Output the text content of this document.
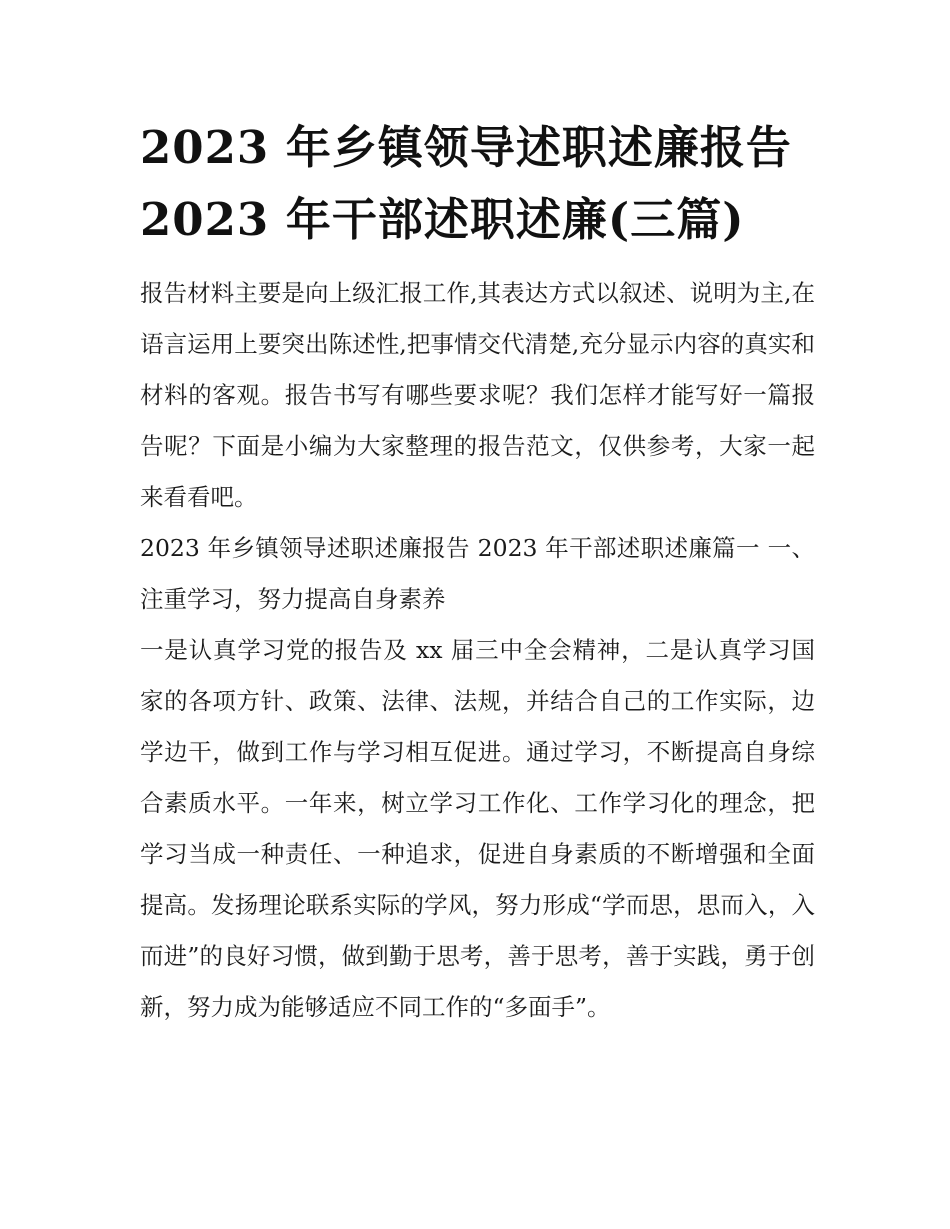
2023 年乡镇领导述职述廉报告
2023 年干部述职述廉(三篇)

报告材料主要是向上级汇报工作,其表达方式以叙述、说明为主,在语言运用上要突出陈述性,把事情交代清楚,充分显示内容的真实和材料的客观。报告书写有哪些要求呢？我们怎样才能写好一篇报告呢？下面是小编为大家整理的报告范文，仅供参考，大家一起来看看吧。

2023 年乡镇领导述职述廉报告 2023 年干部述职述廉篇一 一、注重学习，努力提高自身素养

一是认真学习党的报告及 xx 届三中全会精神，二是认真学习国家的各项方针、政策、法律、法规，并结合自己的工作实际，边学边干，做到工作与学习相互促进。通过学习，不断提高自身综合素质水平。一年来，树立学习工作化、工作学习化的理念，把学习当成一种责任、一种追求，促进自身素质的不断增强和全面提高。发扬理论联系实际的学风，努力形成“学而思，思而入，入而进”的良好习惯，做到勤于思考，善于思考，善于实践，勇于创新，努力成为能够适应不同工作的“多面手”。
